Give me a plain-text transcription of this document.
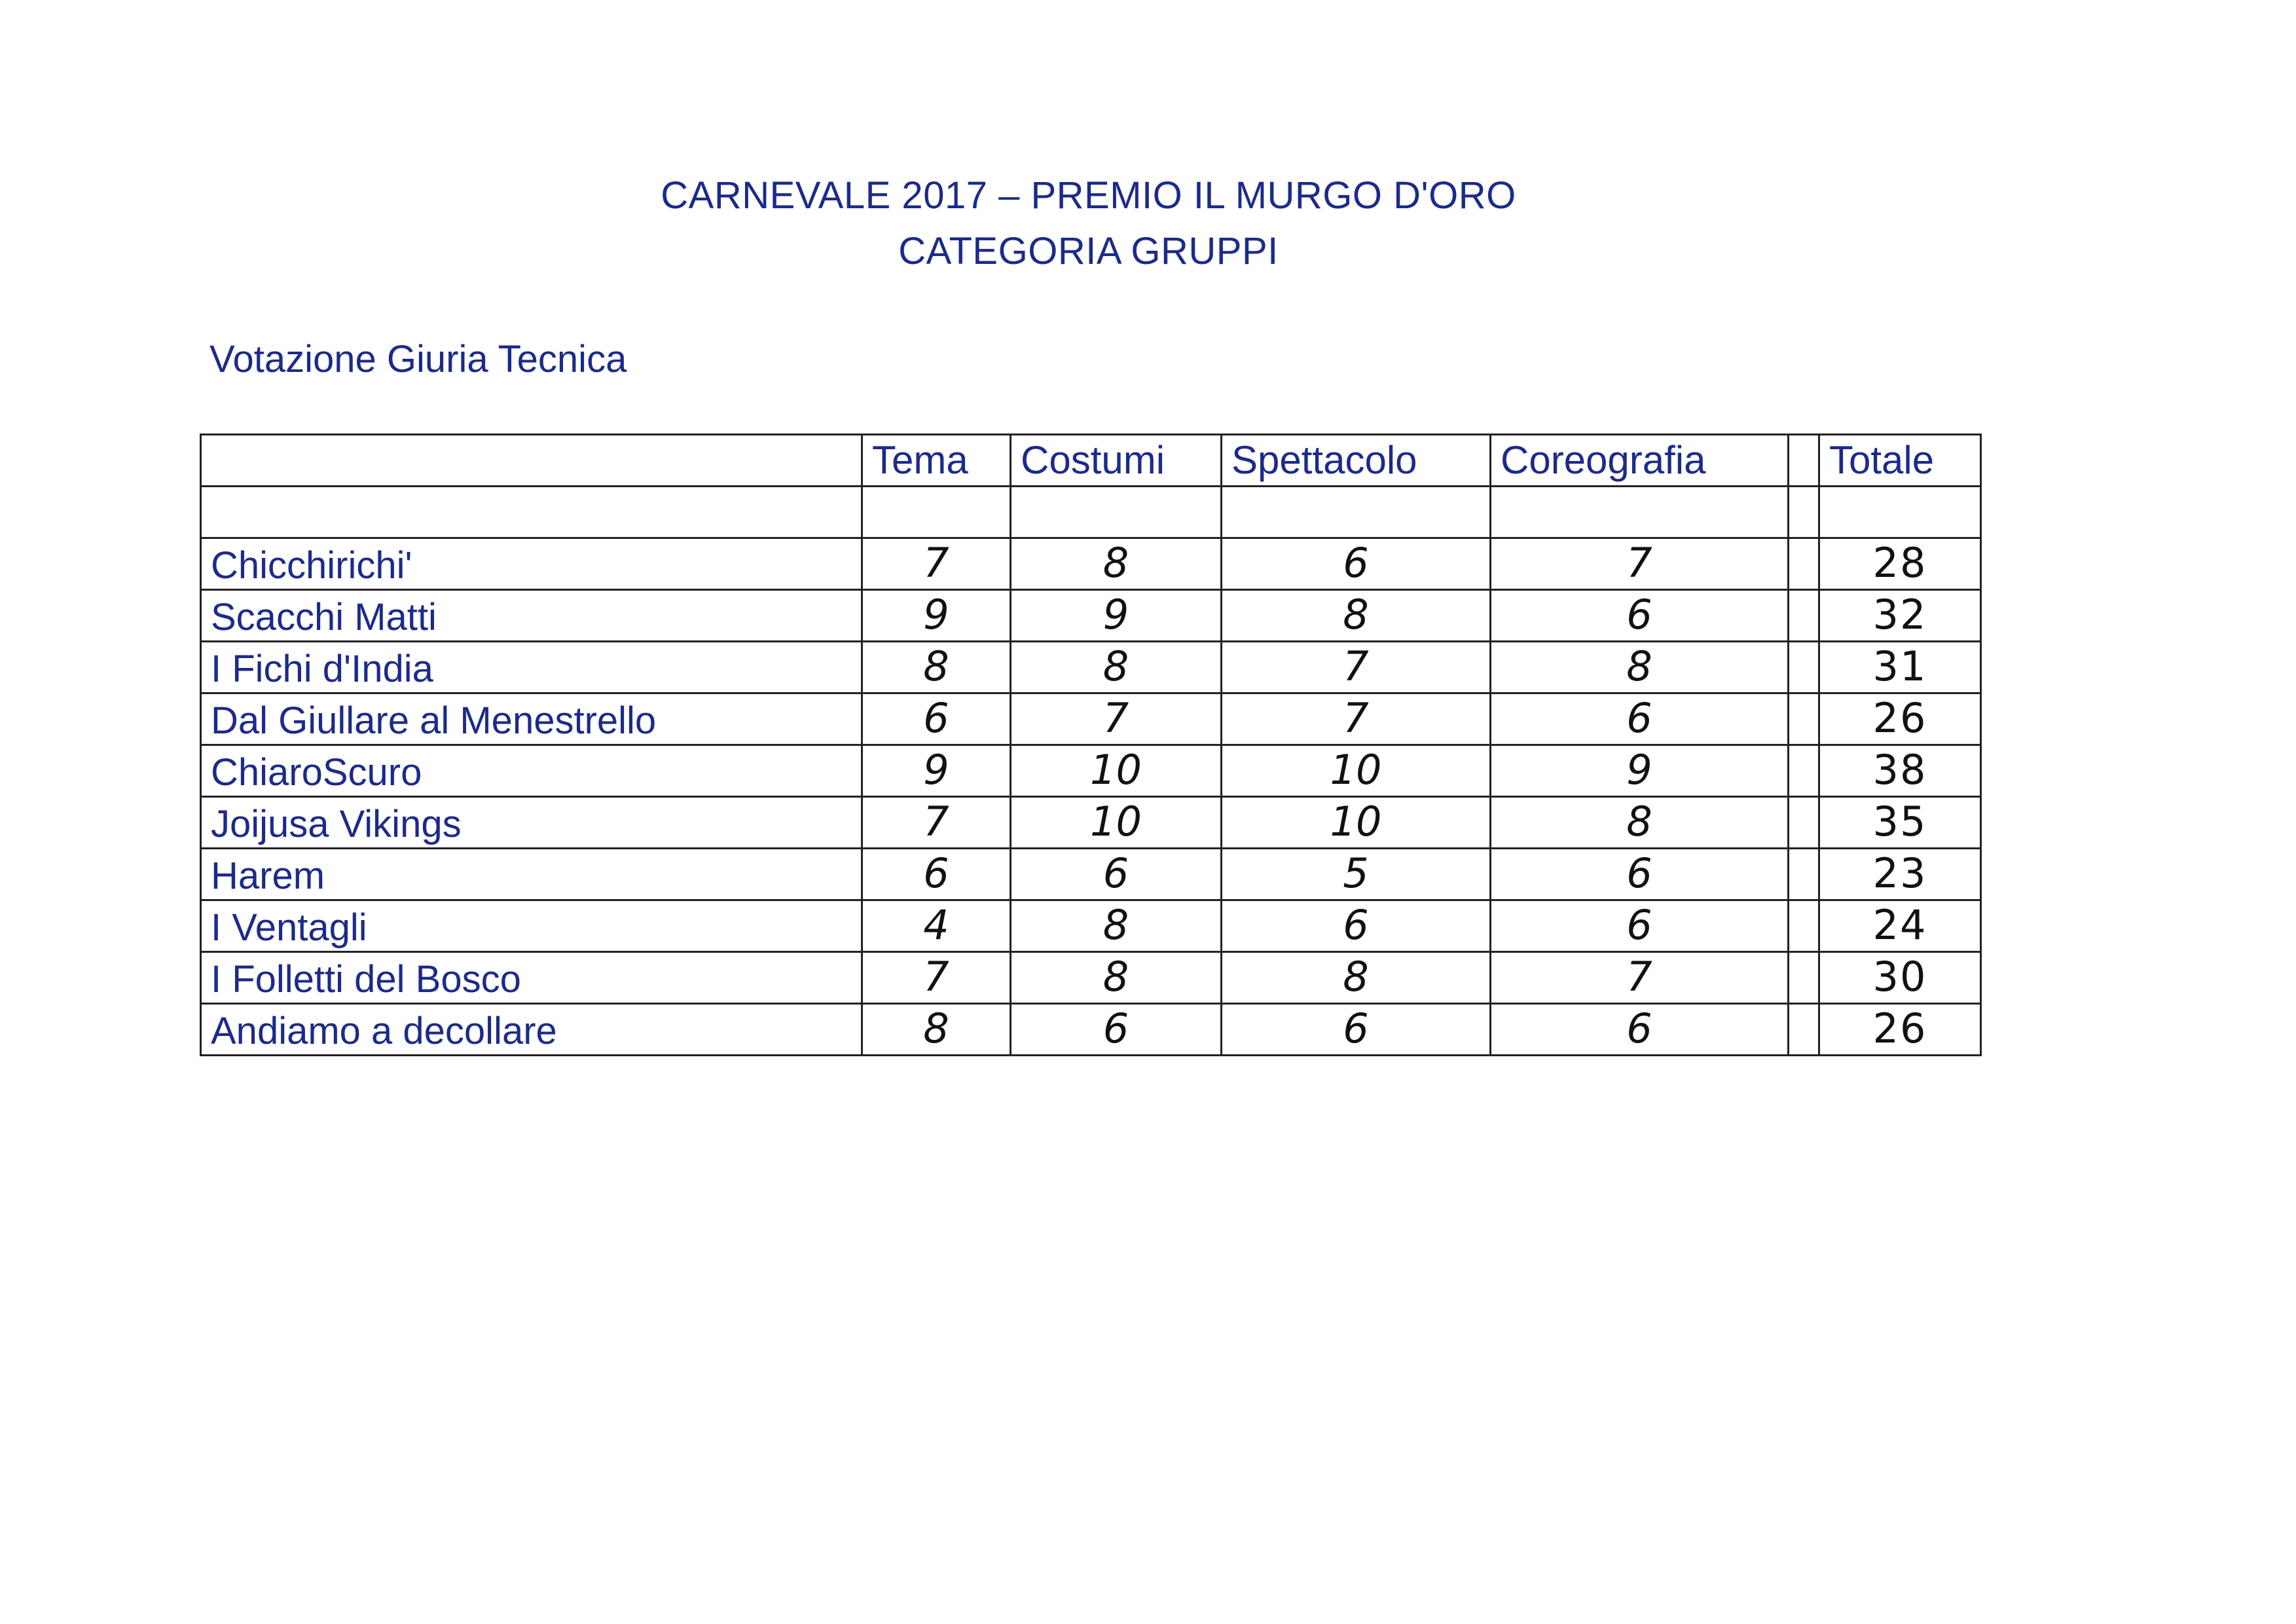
CARNEVALE 2017 – PREMIO IL MURGO D'ORO
CATEGORIA GRUPPI
Votazione Giuria Tecnica
	Tema	Costumi	Spettacolo	Coreografia		Totale

Chicchirichi'	7	8	6	7		28
Scacchi Matti	9	9	8	6		32
I Fichi d'India	8	8	7	8		31
Dal Giullare al Menestrello	6	7	7	6		26
ChiaroScuro	9	10	10	9		38
Joijusa Vikings	7	10	10	8		35
Harem	6	6	5	6		23
I Ventagli	4	8	6	6		24
I Folletti del Bosco	7	8	8	7		30
Andiamo a decollare	8	6	6	6		26
